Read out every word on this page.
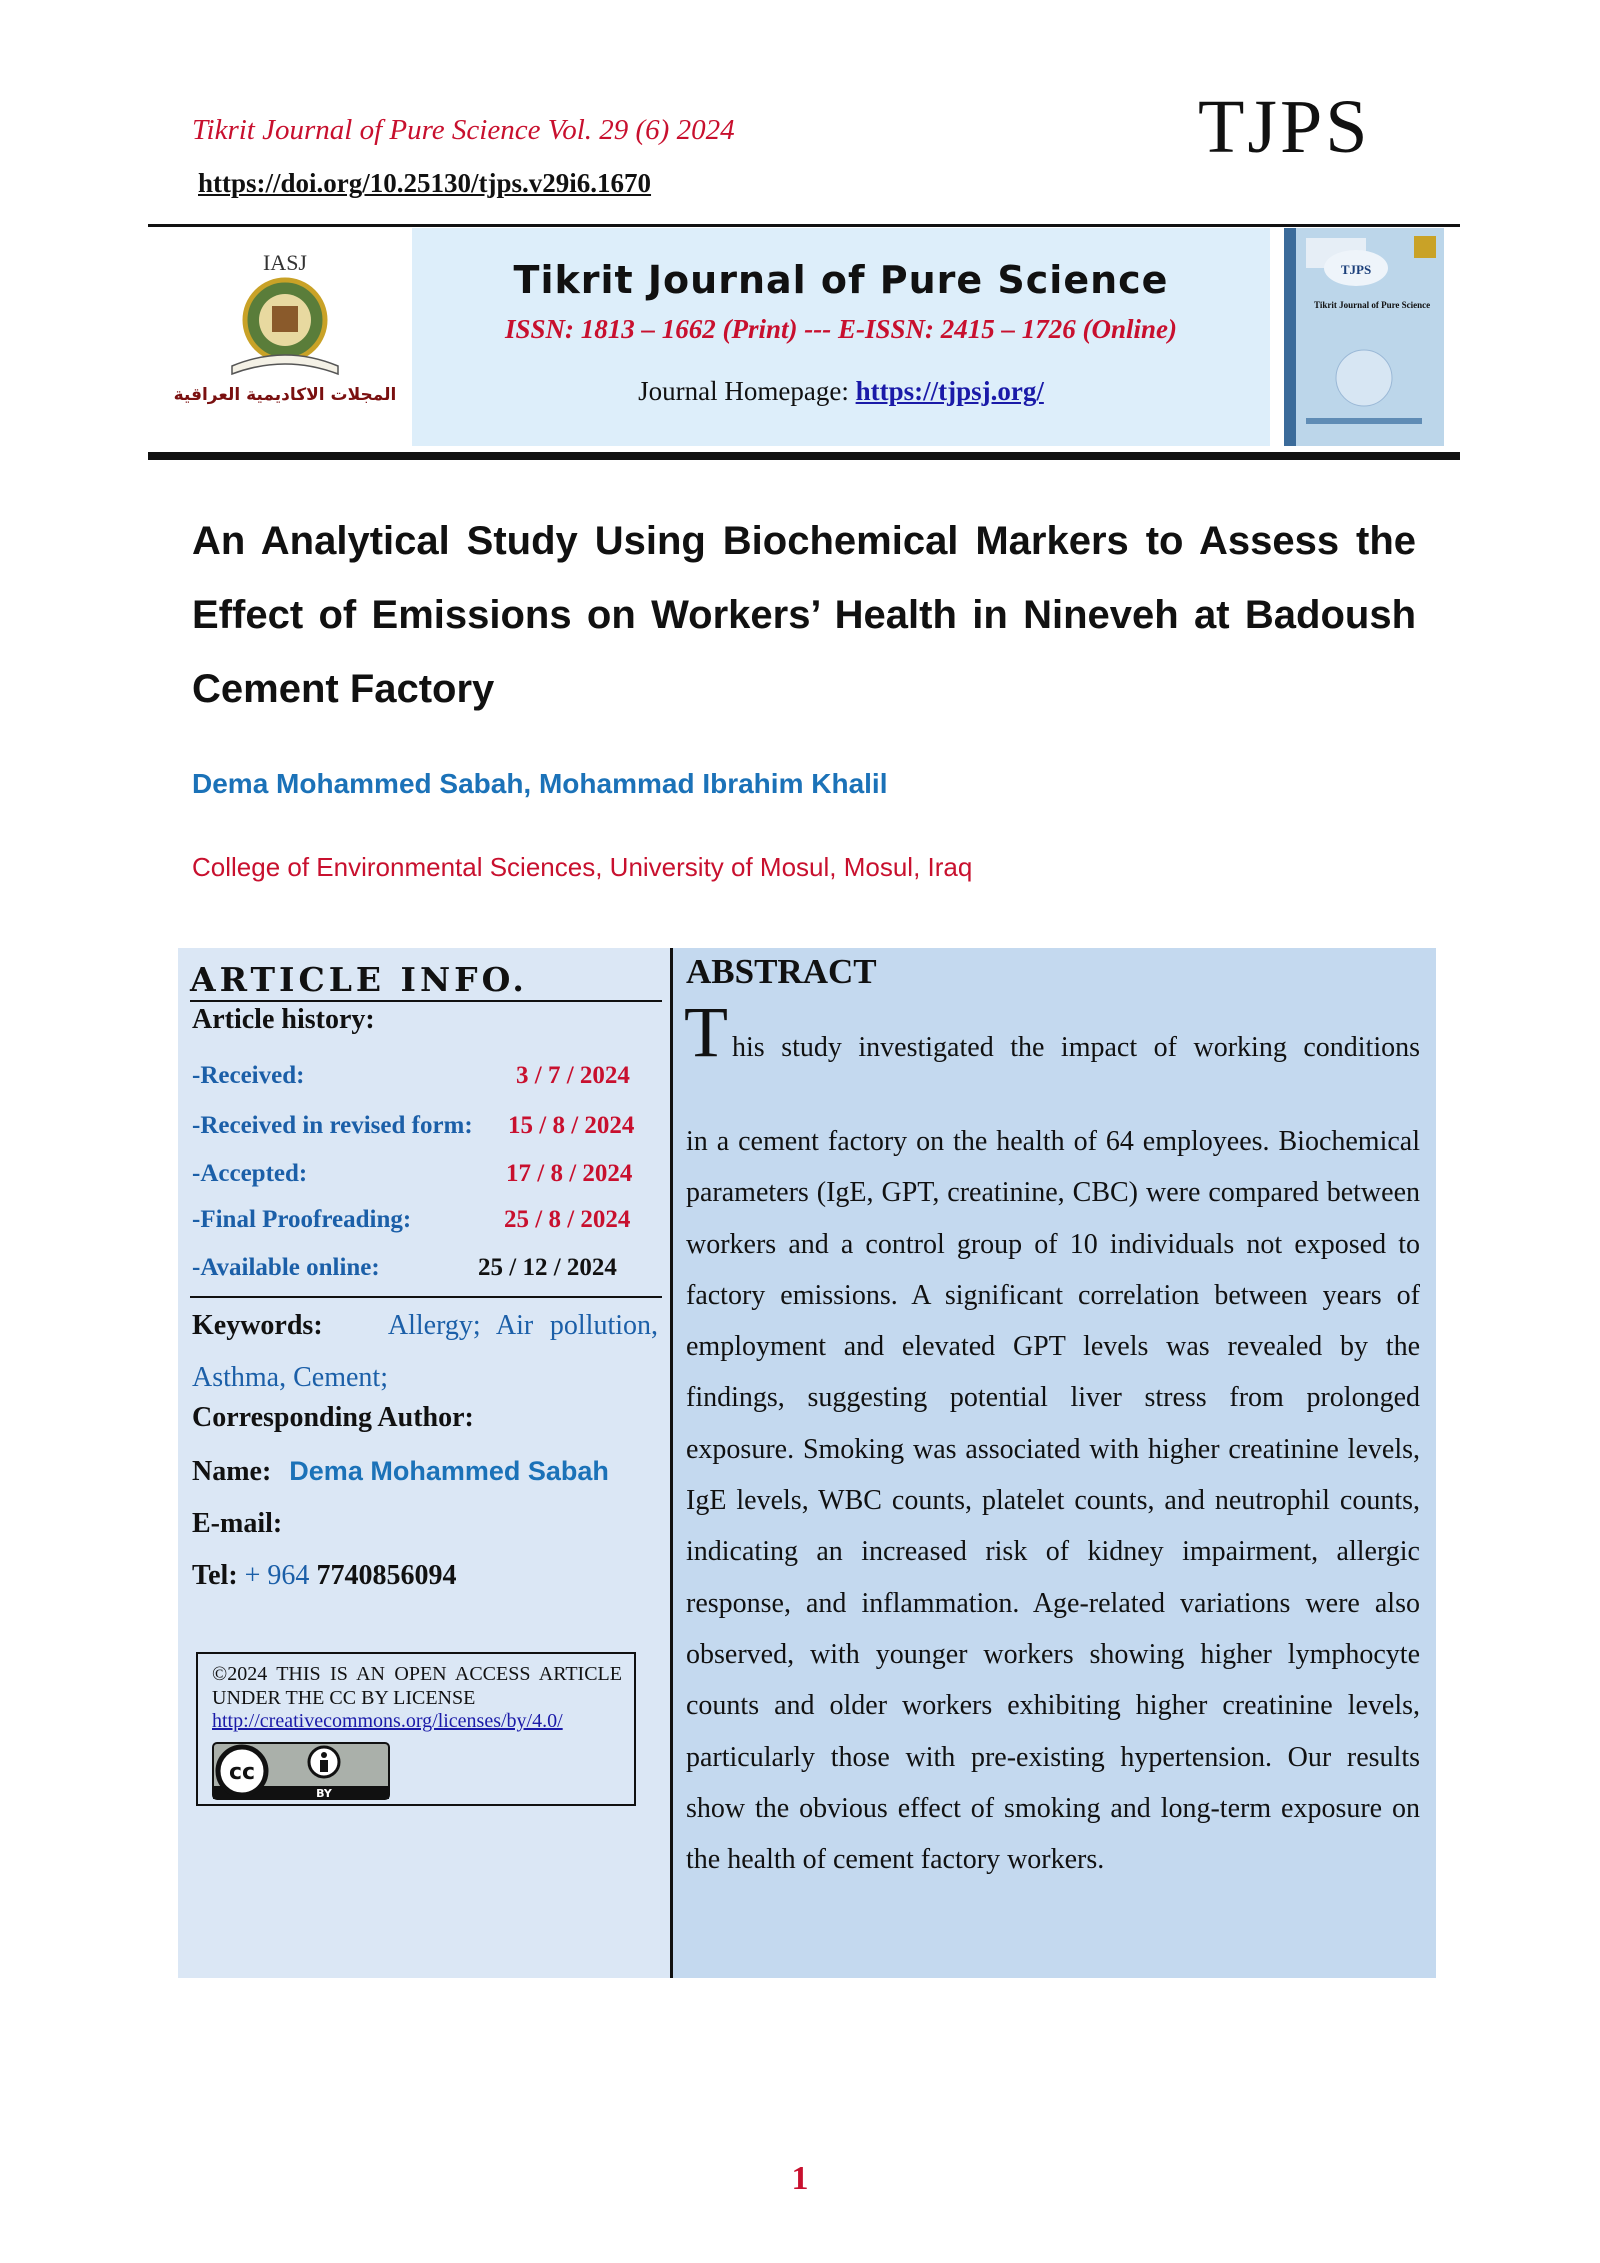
Tikrit Journal of Pure Science Vol. 29 (6) 2024
https://doi.org/10.25130/tjps.v29i6.1670
TJPS
IASJ
المجلات الاكاديمية العراقية
Tikrit Journal of Pure Science
ISSN: 1813 – 1662 (Print) --- E-ISSN: 2415 – 1726 (Online)
Journal Homepage: https://tjpsj.org/
TJPS
Tikrit Journal of Pure Science
An Analytical Study Using Biochemical Markers to Assess the Effect of Emissions on Workers’ Health in Nineveh at Badoush Cement Factory
Dema Mohammed Sabah, Mohammad Ibrahim Khalil
College of Environmental Sciences, University of Mosul, Mosul, Iraq
ARTICLE INFO.
Article history:
-Received:	3 / 7 / 2024
-Received in revised form: 15 / 8 / 2024
-Accepted:	17 / 8 / 2024
-Final Proofreading:	25 / 8 / 2024
-Available online:	25 / 12 / 2024
Keywords: Allergy; Air pollution, Asthma, Cement;
Corresponding Author:
Name: Dema Mohammed Sabah
E-mail:
Tel: + 964 7740856094
©2024 THIS IS AN OPEN ACCESS ARTICLE UNDER THE CC BY LICENSE
http://creativecommons.org/licenses/by/4.0/
cc
BY
ABSTRACT
T his study investigated the impact of working conditions
in a cement factory on the health of 64 employees. Biochemical parameters (IgE, GPT, creatinine, CBC) were compared between workers and a control group of 10 individuals not exposed to factory emissions. A significant correlation between years of employment and elevated GPT levels was revealed by the findings, suggesting potential liver stress from prolonged exposure. Smoking was associated with higher creatinine levels, IgE levels, WBC counts, platelet counts, and neutrophil counts, indicating an increased risk of kidney impairment, allergic response, and inflammation. Age-related variations were also observed, with younger workers showing higher lymphocyte counts and older workers exhibiting higher creatinine levels, particularly those with pre-existing hypertension. Our results show the obvious effect of smoking and long-term exposure on the health of cement factory workers.
1
